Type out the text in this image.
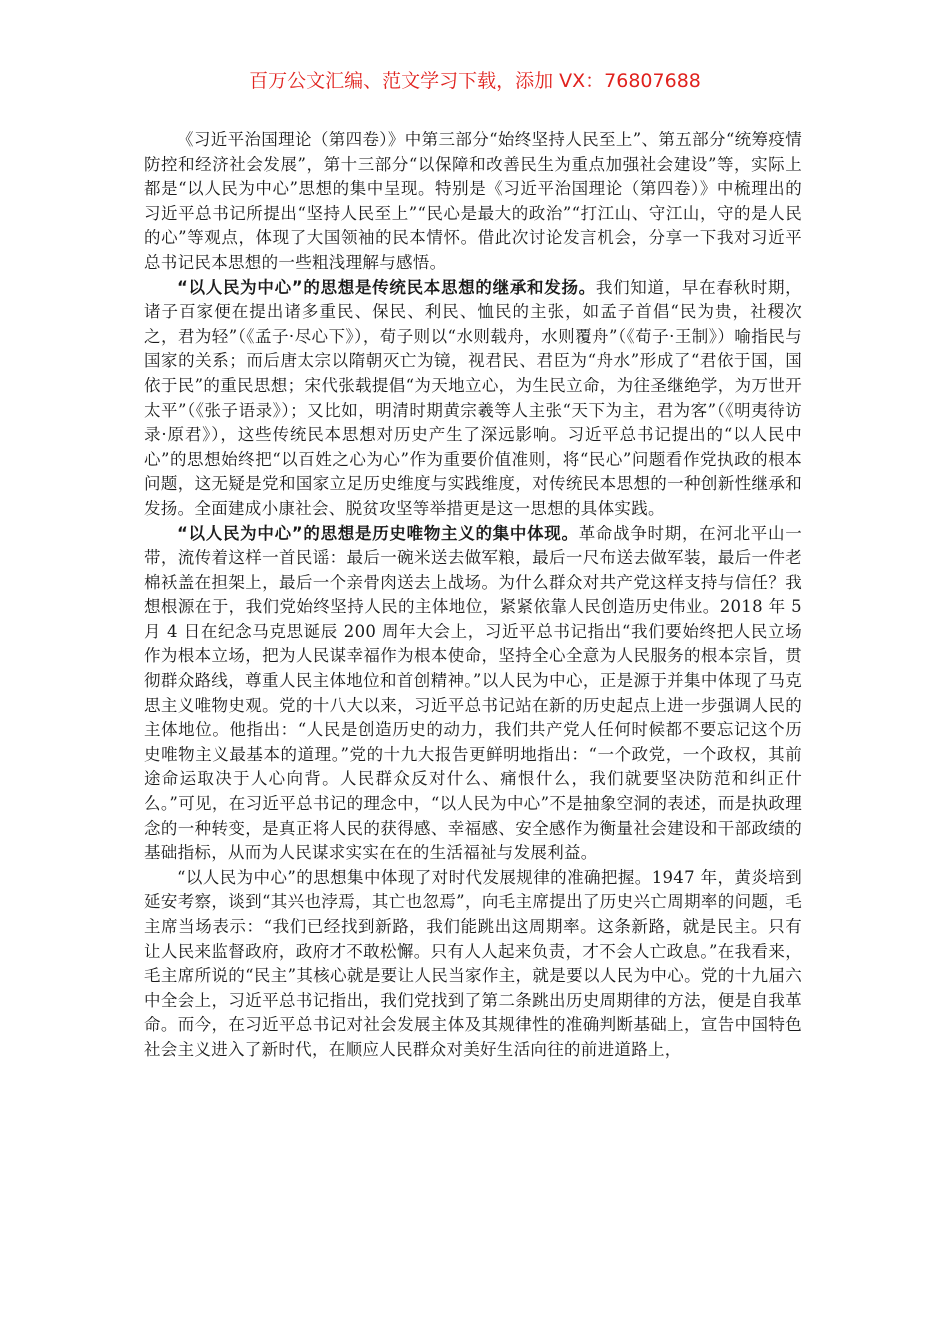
百万公文汇编、范文学习下载，添加 VX：76807688

《习近平治国理论（第四卷）》中第三部分“始终坚持人民至上”、第五部分“统筹疫情防控和经济社会发展”，第十三部分“以保障和改善民生为重点加强社会建设”等，实际上都是“以人民为中心”思想的集中呈现。特别是《习近平治国理论（第四卷）》中梳理出的习近平总书记所提出“坚持人民至上”“民心是最大的政治”“打江山、守江山，守的是人民的心”等观点，体现了大国领袖的民本情怀。借此次讨论发言机会，分享一下我对习近平总书记民本思想的一些粗浅理解与感悟。

“以人民为中心”的思想是传统民本思想的继承和发扬。我们知道，早在春秋时期，诸子百家便在提出诸多重民、保民、利民、恤民的主张，如孟子首倡“民为贵，社稷次之，君为轻”（《孟子·尽心下》），荀子则以“水则载舟，水则覆舟”（《荀子·王制》）喻指民与国家的关系；而后唐太宗以隋朝灭亡为镜，视君民、君臣为“舟水”形成了“君依于国，国依于民”的重民思想；宋代张载提倡“为天地立心，为生民立命，为往圣继绝学，为万世开太平”（《张子语录》）；又比如，明清时期黄宗羲等人主张“天下为主，君为客”（《明夷待访录·原君》），这些传统民本思想对历史产生了深远影响。习近平总书记提出的“以人民中心”的思想始终把“以百姓之心为心”作为重要价值准则，将“民心”问题看作党执政的根本问题，这无疑是党和国家立足历史维度与实践维度，对传统民本思想的一种创新性继承和发扬。全面建成小康社会、脱贫攻坚等举措更是这一思想的具体实践。

“以人民为中心”的思想是历史唯物主义的集中体现。革命战争时期，在河北平山一带，流传着这样一首民谣：最后一碗米送去做军粮，最后一尺布送去做军装，最后一件老棉袄盖在担架上，最后一个亲骨肉送去上战场。为什么群众对共产党这样支持与信任？我想根源在于，我们党始终坚持人民的主体地位，紧紧依靠人民创造历史伟业。2018 年 5 月 4 日在纪念马克思诞辰 200 周年大会上，习近平总书记指出“我们要始终把人民立场作为根本立场，把为人民谋幸福作为根本使命，坚持全心全意为人民服务的根本宗旨，贯彻群众路线，尊重人民主体地位和首创精神。”以人民为中心，正是源于并集中体现了马克思主义唯物史观。党的十八大以来，习近平总书记站在新的历史起点上进一步强调人民的主体地位。他指出：“人民是创造历史的动力，我们共产党人任何时候都不要忘记这个历史唯物主义最基本的道理。”党的十九大报告更鲜明地指出：“一个政党，一个政权，其前途命运取决于人心向背。人民群众反对什么、痛恨什么，我们就要坚决防范和纠正什么。”可见，在习近平总书记的理念中，“以人民为中心”不是抽象空洞的表述，而是执政理念的一种转变，是真正将人民的获得感、幸福感、安全感作为衡量社会建设和干部政绩的基础指标，从而为人民谋求实实在在的生活福祉与发展利益。

“以人民为中心”的思想集中体现了对时代发展规律的准确把握。1947 年，黄炎培到延安考察，谈到“其兴也浡焉，其亡也忽焉”，向毛主席提出了历史兴亡周期率的问题，毛主席当场表示：“我们已经找到新路，我们能跳出这周期率。这条新路，就是民主。只有让人民来监督政府，政府才不敢松懈。只有人人起来负责，才不会人亡政息。”在我看来，毛主席所说的“民主”其核心就是要让人民当家作主，就是要以人民为中心。党的十九届六中全会上，习近平总书记指出，我们党找到了第二条跳出历史周期律的方法，便是自我革命。而今，在习近平总书记对社会发展主体及其规律性的准确判断基础上，宣告中国特色社会主义进入了新时代，在顺应人民群众对美好生活向往的前进道路上，
